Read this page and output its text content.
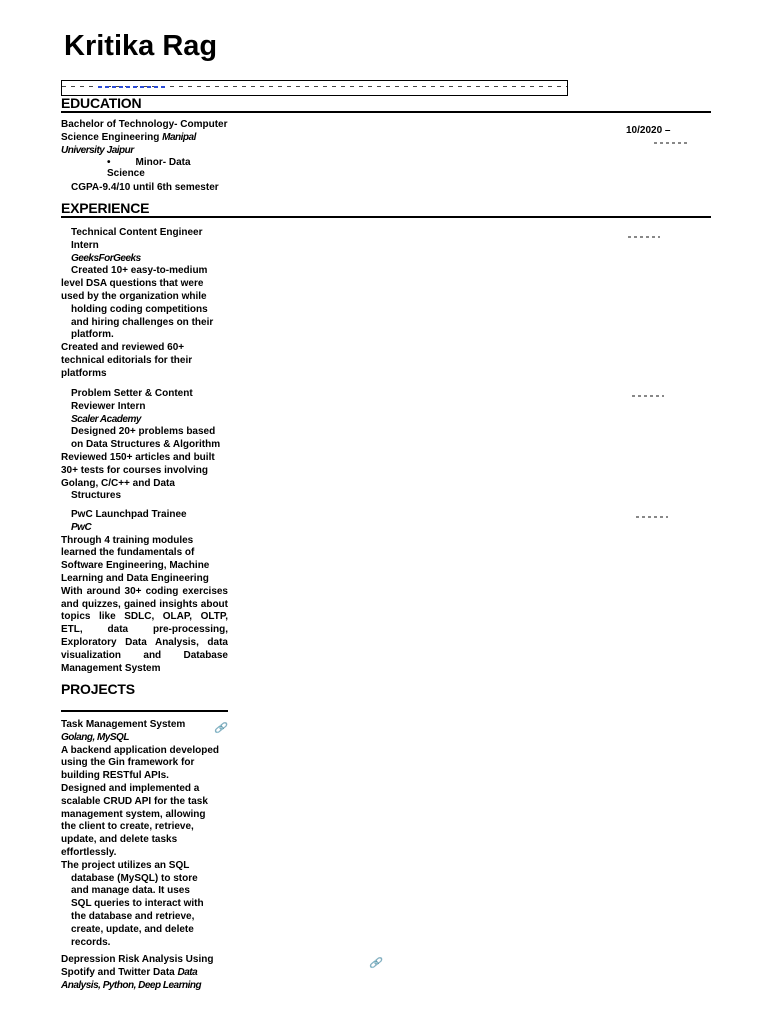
Kritika Rag
EDUCATION
Bachelor of Technology- Computer Science Engineering Manipal University Jaipur
•	Minor- Data
Science
CGPA-9.4/10 until 6th semester
10/2020 –
EXPERIENCE
Technical Content Engineer
Intern
GeeksForGeeks
Created 10+ easy-to-medium level DSA questions that were used by the organization while
holding coding competitions and hiring challenges on their platform.
Created and reviewed 60+ technical editorials for their platforms
Problem Setter & Content
Reviewer Intern
Scaler Academy
Designed 20+ problems based on Data Structures & Algorithm
Reviewed 150+ articles and built 30+ tests for courses involving Golang, C/C++ and Data
Structures
PwC Launchpad Trainee
PwC
Through 4 training modules learned the fundamentals of Software Engineering, Machine Learning and Data Engineering
With around 30+ coding exercises and quizzes, gained insights about topics like SDLC, OLAP, OLTP, ETL, data pre-processing, Exploratory Data Analysis, data visualization and Database Management System
PROJECTS
Task Management System
Golang, MySQL
A backend application developed using the Gin framework for building RESTful APIs.
Designed and implemented a scalable CRUD API for the task management system, allowing the client to create, retrieve, update, and delete tasks effortlessly.
The project utilizes an SQL
database (MySQL) to store and manage data. It uses SQL queries to interact with the database and retrieve, create, update, and delete records.
🔗
Depression Risk Analysis Using Spotify and Twitter Data Data Analysis, Python, Deep Learning
🔗
